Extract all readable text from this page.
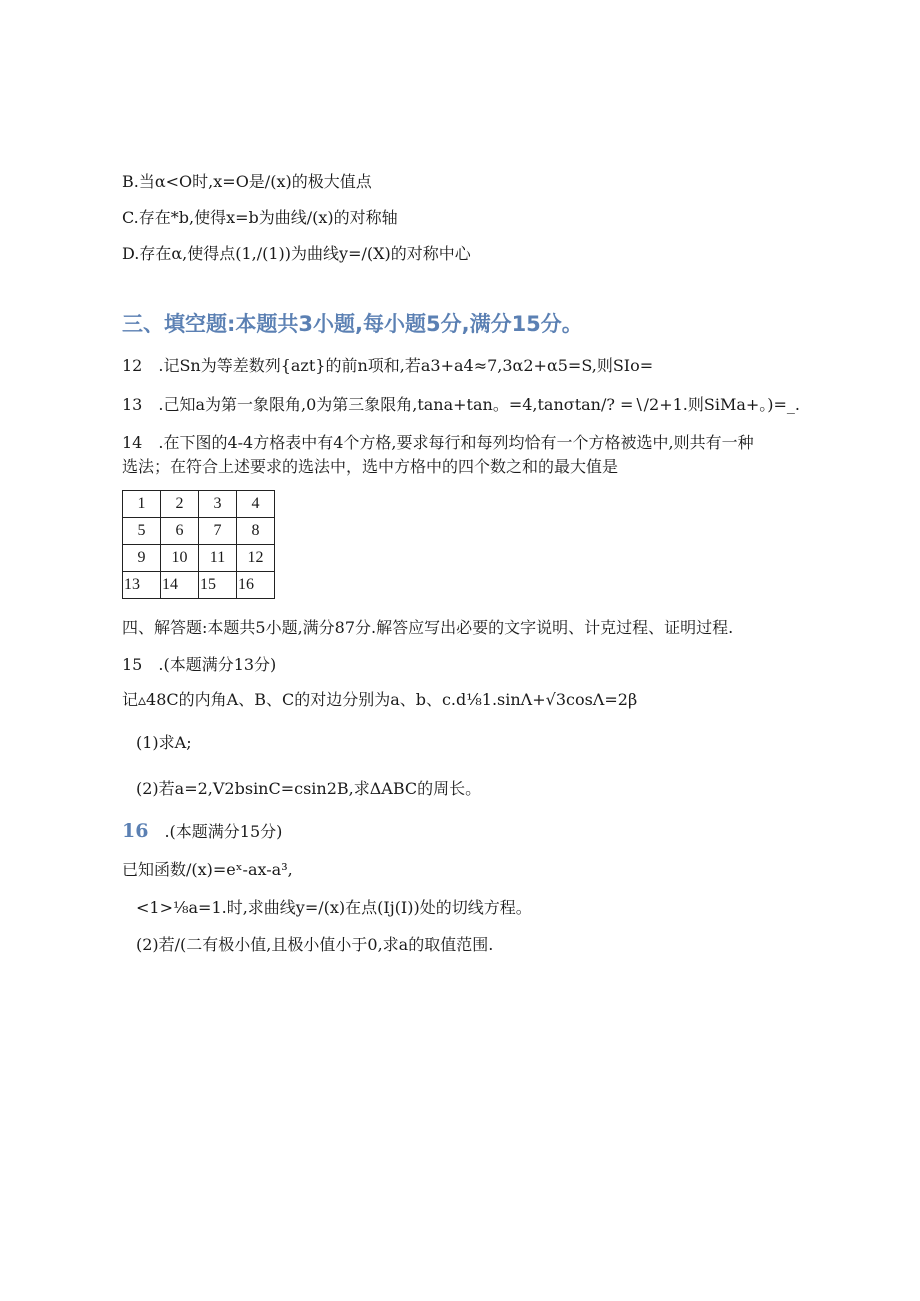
B.当α<O时,x=O是/(x)的极大值点
C.存在*b,使得x=b为曲线/(x)的对称轴
D.存在α,使得点(1,/(1))为曲线y=/(X)的对称中心
三、填空题:本题共3小题,每小题5分,满分15分。
12　.记Sn为等差数列{azt}的前n项和,若a3+a4≈7,3α2+α5=S,则SIo=
13　.己知a为第一象限角,0为第三象限角,tana+tan。=4,tanσtan∕? =∖∕2+1.则SiMa+。)=_.
14　.在下图的4-4方格表中有4个方格,要求每行和每列均恰有一个方格被选中,则共有一种
选法；在符合上述要求的选法中，选中方格中的四个数之和的最大值是
1	2	3	4
5	6	7	8
9	10	11	12
13	14	15	16
四、解答题:本题共5小题,满分87分.解答应写出必要的文字说明、计克过程、证明过程.
15　.(本题满分13分)
记▵48C的内角A、B、C的对边分别为a、b、c.d⅛1.sinΛ+√3cosΛ=2β
(1)求A;
(2)若a=2,V2bsinC=csin2B,求ΔABC的周长。
16　.(本题满分15分)
已知函数/(x)=eˣ-ax-a³,
<1>⅛a=1.时,求曲线y=/(x)在点(Ij(I))处的切线方程。
(2)若/(二有极小值,且极小值小于0,求a的取值范围.
